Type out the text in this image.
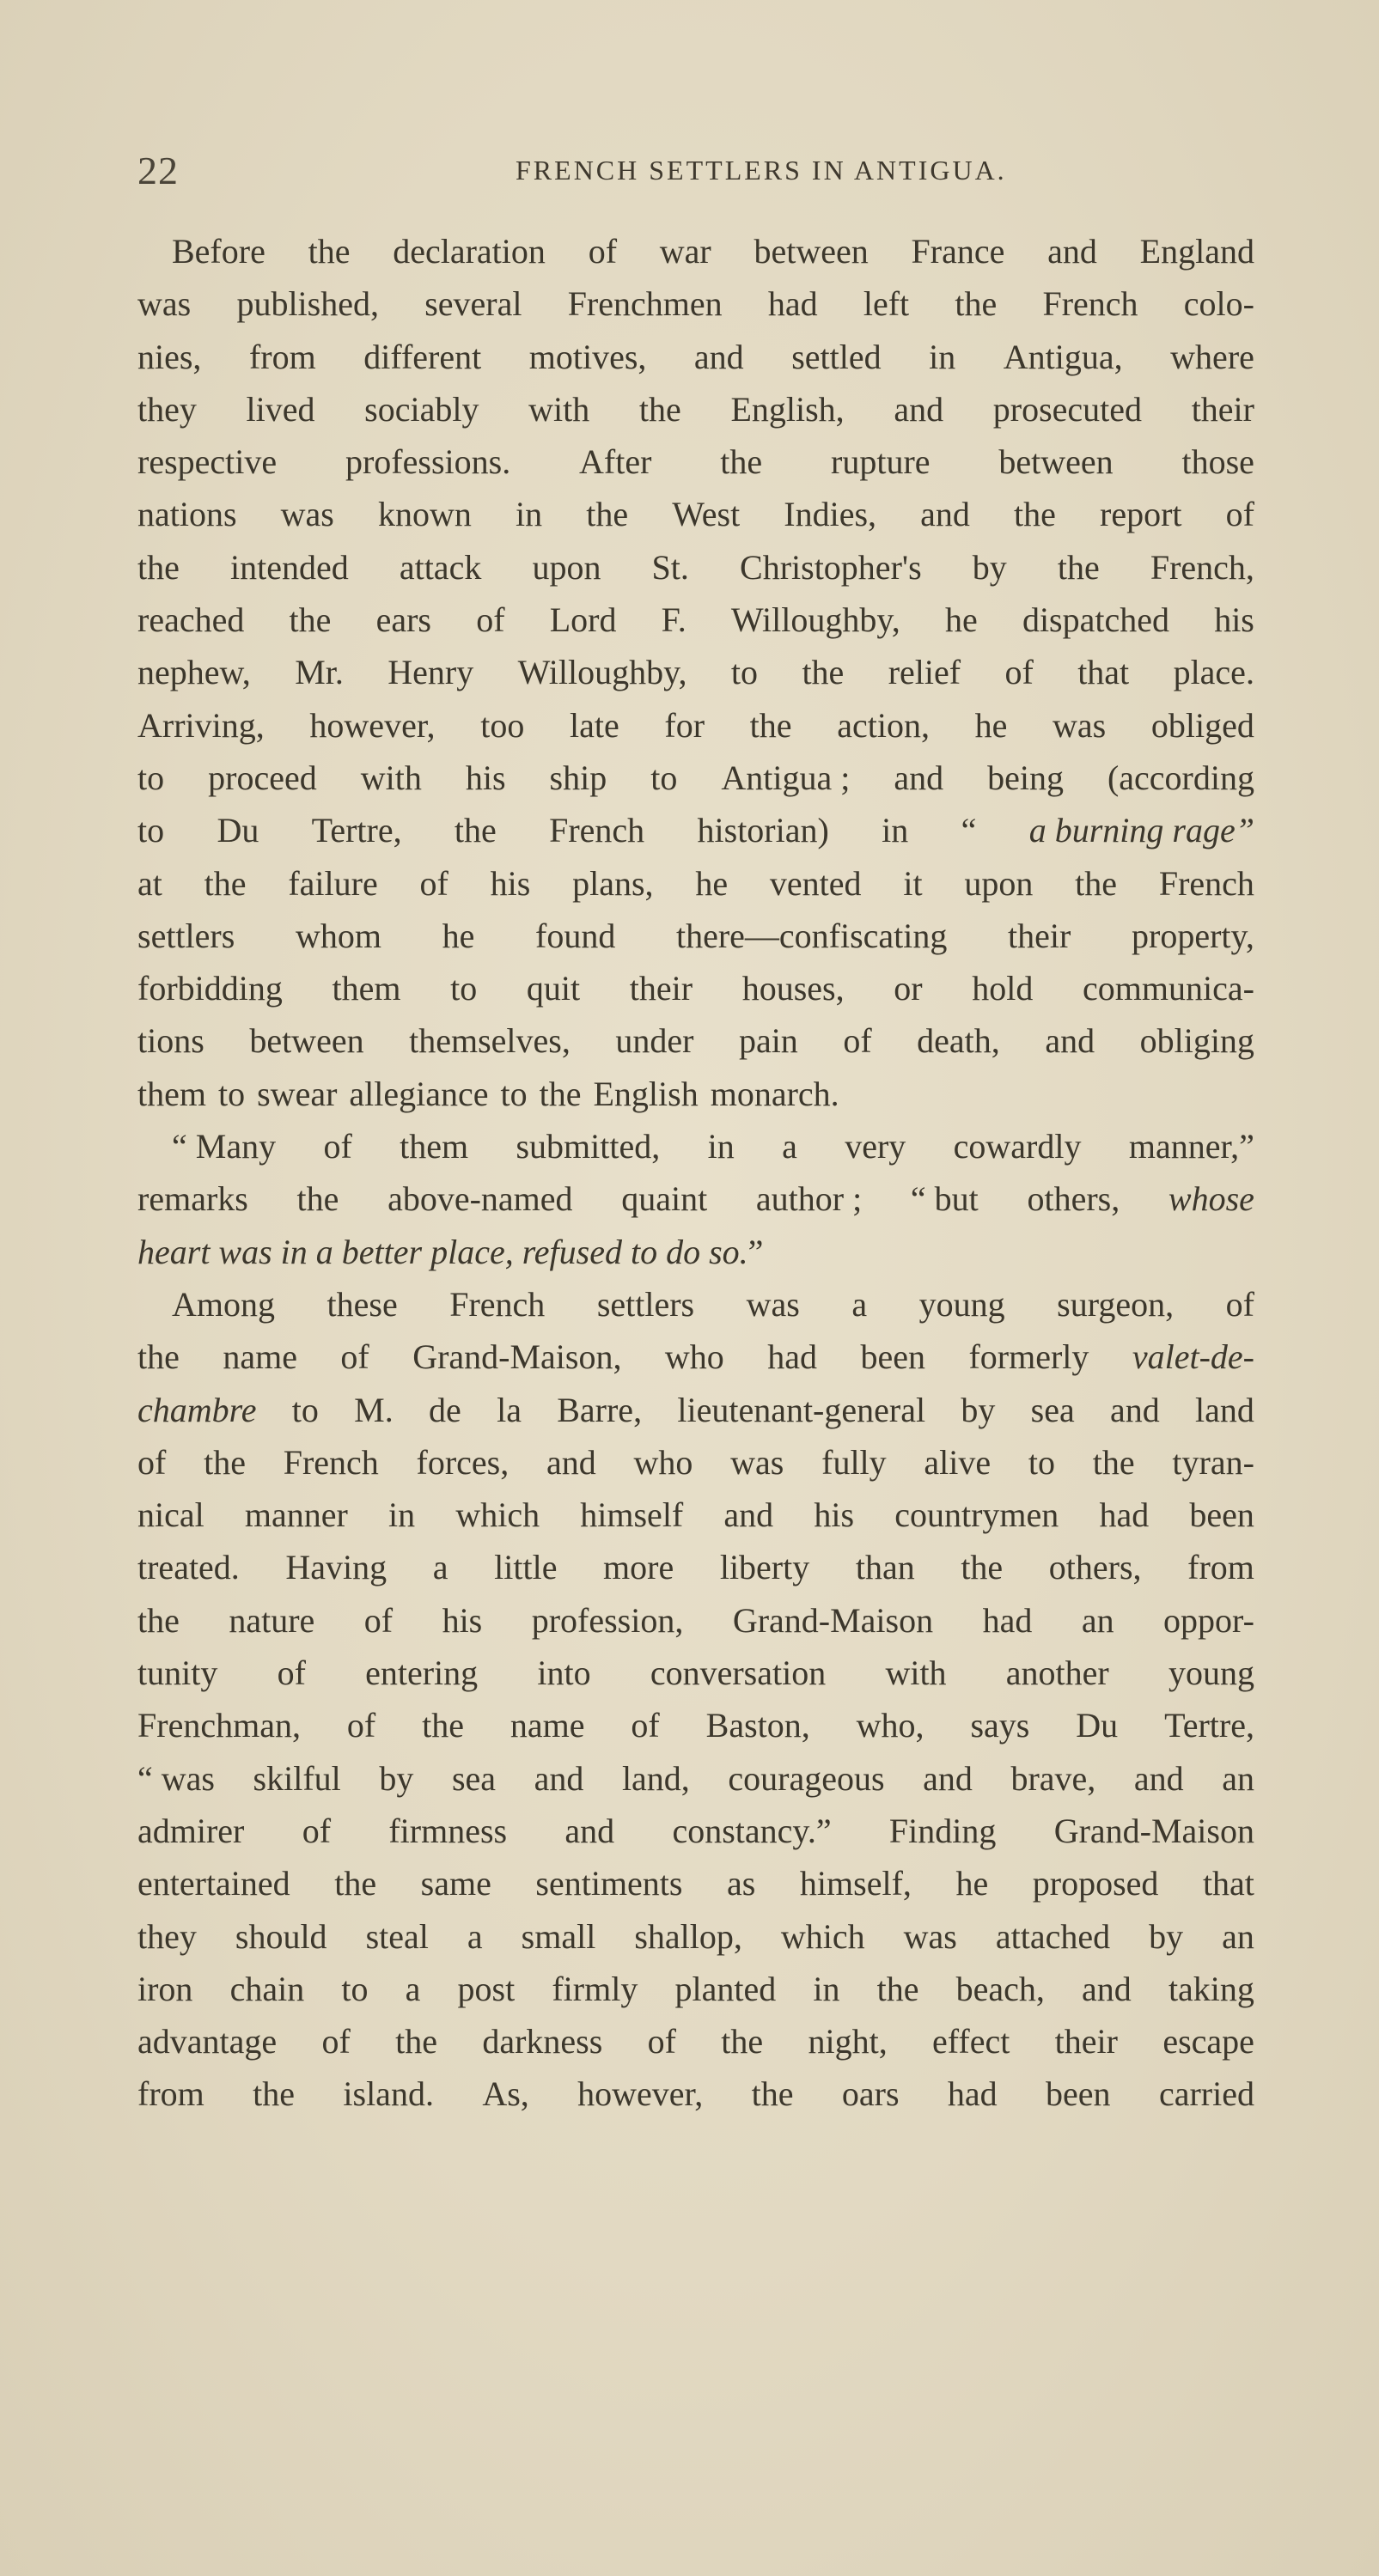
22	FRENCH SETTLERS IN ANTIGUA.
Before the declaration of war between France and England
was published, several Frenchmen had left the French colo-
nies, from different motives, and settled in Antigua, where
they lived sociably with the English, and prosecuted their
respective professions. After the rupture between those
nations was known in the West Indies, and the report of
the intended attack upon St. Christopher's by the French,
reached the ears of Lord F. Willoughby, he dispatched his
nephew, Mr. Henry Willoughby, to the relief of that place.
Arriving, however, too late for the action, he was obliged
to proceed with his ship to Antigua ; and being (according
to Du Tertre, the French historian) in “ a burning rage”
at the failure of his plans, he vented it upon the French
settlers whom he found there—confiscating their property,
forbidding them to quit their houses, or hold communica-
tions between themselves, under pain of death, and obliging
them to swear allegiance to the English monarch.
“ Many of them submitted, in a very cowardly manner,”
remarks the above-named quaint author ; “ but others, whose
heart was in a better place, refused to do so. ”
Among these French settlers was a young surgeon, of
the name of Grand-Maison, who had been formerly valet-de-
chambre to M. de la Barre, lieutenant-general by sea and land
of the French forces, and who was fully alive to the tyran-
nical manner in which himself and his countrymen had been
treated. Having a little more liberty than the others, from
the nature of his profession, Grand-Maison had an oppor-
tunity of entering into conversation with another young
Frenchman, of the name of Baston, who, says Du Tertre,
“ was skilful by sea and land, courageous and brave, and an
admirer of firmness and constancy.” Finding Grand-Maison
entertained the same sentiments as himself, he proposed that
they should steal a small shallop, which was attached by an
iron chain to a post firmly planted in the beach, and taking
advantage of the darkness of the night, effect their escape
from the island. As, however, the oars had been carried
